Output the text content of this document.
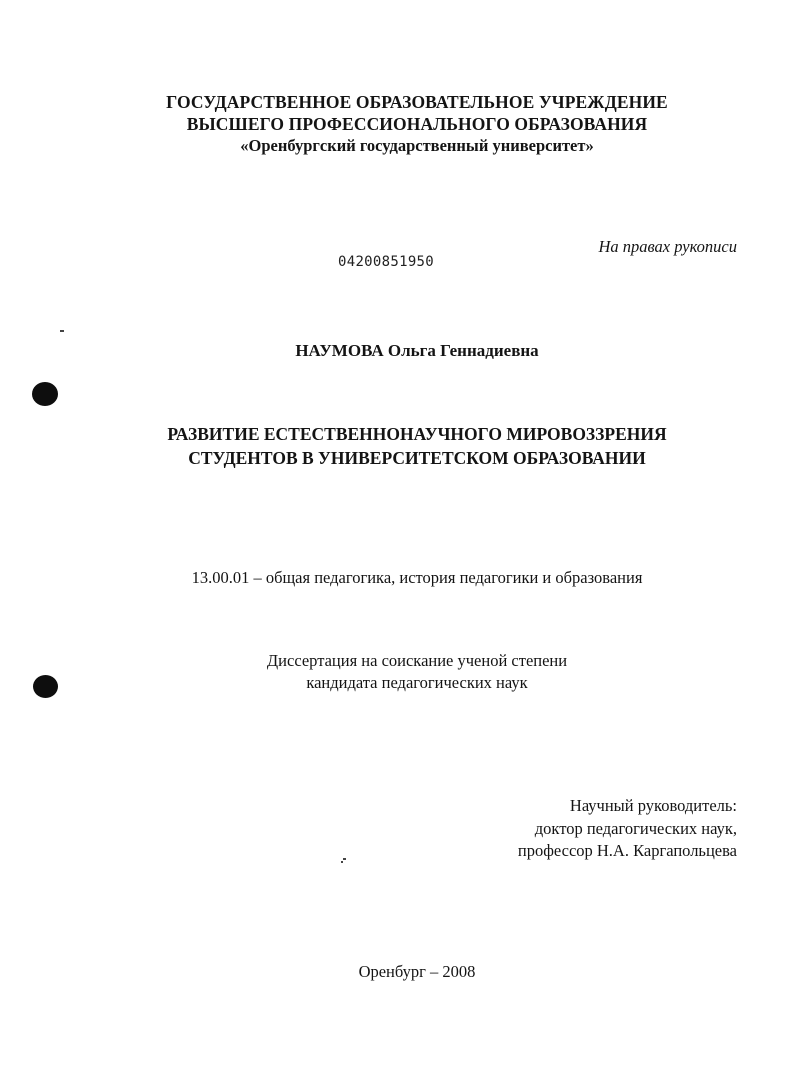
ГОСУДАРСТВЕННОЕ ОБРАЗОВАТЕЛЬНОЕ УЧРЕЖДЕНИЕ
ВЫСШЕГО ПРОФЕССИОНАЛЬНОГО ОБРАЗОВАНИЯ
«Оренбургский государственный университет»
На правах рукописи
04200851950
НАУМОВА Ольга Геннадиевна
РАЗВИТИЕ ЕСТЕСТВЕННОНАУЧНОГО МИРОВОЗЗРЕНИЯ
СТУДЕНТОВ В УНИВЕРСИТЕТСКОМ ОБРАЗОВАНИИ
13.00.01 – общая педагогика, история педагогики и образования
Диссертация на соискание ученой степени
кандидата педагогических наук
Научный руководитель:
доктор педагогических наук,
профессор Н.А. Каргапольцева
Оренбург – 2008
